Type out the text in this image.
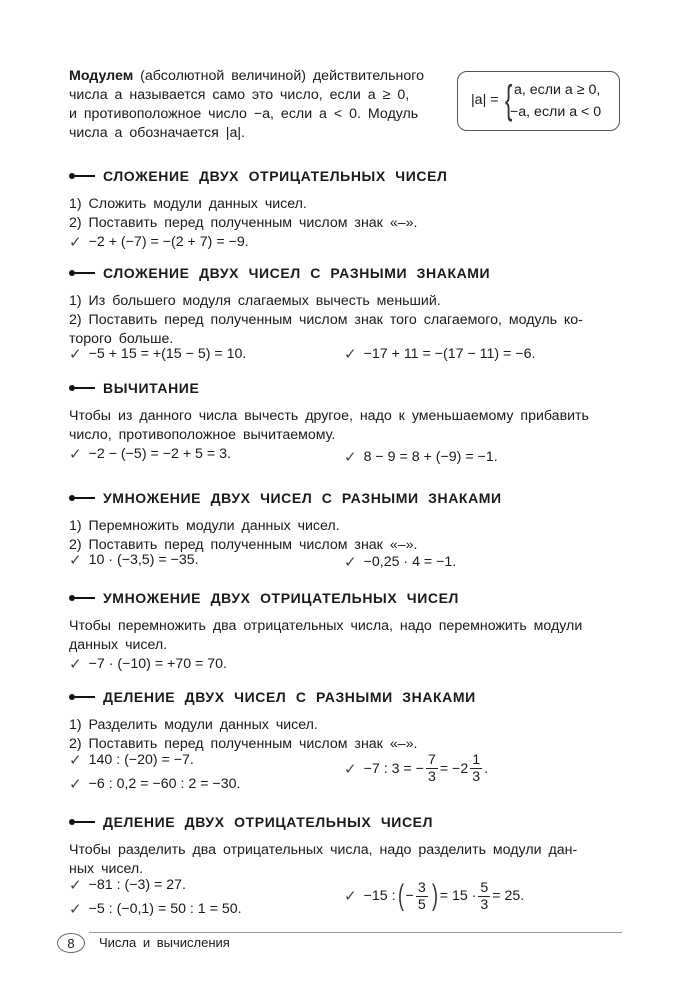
Модулем (абсолютной величиной) действительного
числа a называется само это число, если a ≥ 0,
и противоположное число −a, если a < 0. Модуль
числа a обозначается |a|.
|a| = { a, если a ≥ 0,
−a, если a < 0
СЛОЖЕНИЕ ДВУХ ОТРИЦАТЕЛЬНЫХ ЧИСЕЛ
1) Сложить модули данных чисел.
2) Поставить перед полученным числом знак «–».
✓ −2 + (−7) = −(2 + 7) = −9.
СЛОЖЕНИЕ ДВУХ ЧИСЕЛ С РАЗНЫМИ ЗНАКАМИ
1) Из большего модуля слагаемых вычесть меньший.
2) Поставить перед полученным числом знак того слагаемого, модуль ко-
торого больше.
✓ −5 + 15 = +(15 − 5) = 10.	✓ −17 + 11 = −(17 − 11) = −6.
ВЫЧИТАНИЕ
Чтобы из данного числа вычесть другое, надо к уменьшаемому прибавить
число, противоположное вычитаемому.
✓ −2 − (−5) = −2 + 5 = 3.	✓ 8 − 9 = 8 + (−9) = −1.
УМНОЖЕНИЕ ДВУХ ЧИСЕЛ С РАЗНЫМИ ЗНАКАМИ
1) Перемножить модули данных чисел.
2) Поставить перед полученным числом знак «–».
✓ 10 · (−3,5) = −35.	✓ −0,25 · 4 = −1.
УМНОЖЕНИЕ ДВУХ ОТРИЦАТЕЛЬНЫХ ЧИСЕЛ
Чтобы перемножить два отрицательных числа, надо перемножить модули
данных чисел.
✓ −7 · (−10) = +70 = 70.
ДЕЛЕНИЕ ДВУХ ЧИСЕЛ С РАЗНЫМИ ЗНАКАМИ
1) Разделить модули данных чисел.
2) Поставить перед полученным числом знак «–».
✓ 140 : (−20) = −7.
✓ −6 : 0,2 = −60 : 2 = −30.
✓ −7 : 3 = − $\frac{7}{3} = -2 \frac{1}{3}$ .
ДЕЛЕНИЕ ДВУХ ОТРИЦАТЕЛЬНЫХ ЧИСЕЛ
Чтобы разделить два отрицательных числа, надо разделить модули дан-
ных чисел.
✓ −81 : (−3) = 27.
✓ −5 : (−0,1) = 50 : 1 = 50.
✓ −15 : ( − $\frac{3}{5}$ ) = $15 \cdot \frac{5}{3} = 25$.
8	Числа и вычисления
